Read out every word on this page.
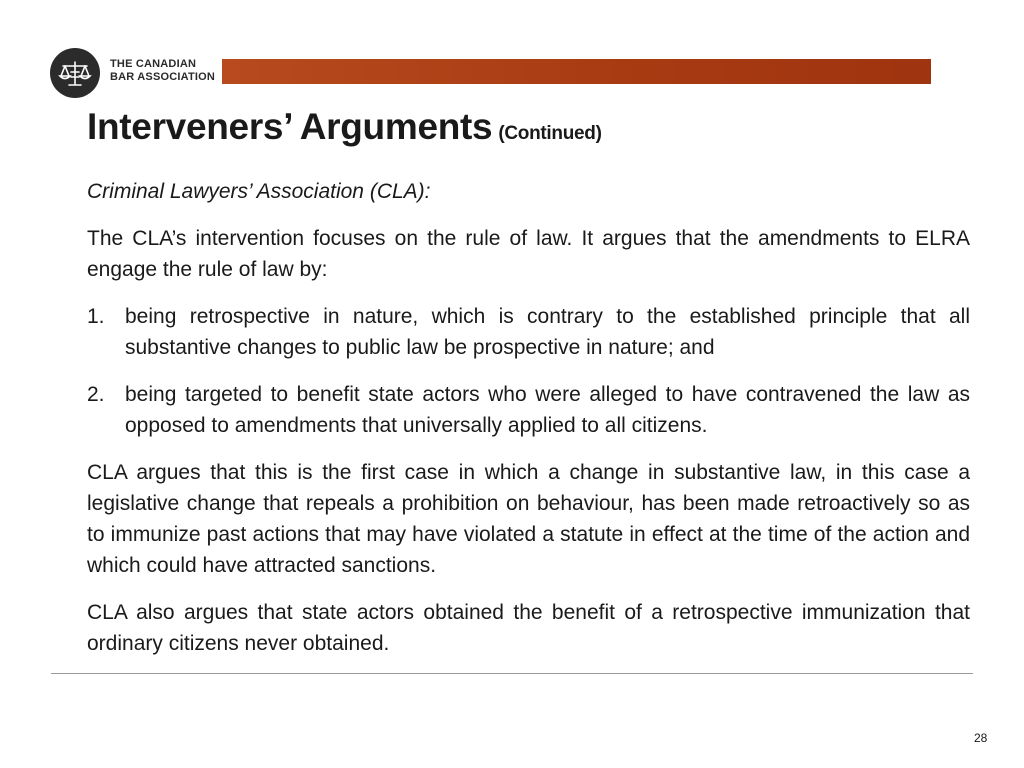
THE CANADIAN
BAR ASSOCIATION
Interveners’ Arguments (Continued)

Criminal Lawyers’ Association (CLA):

The CLA’s intervention focuses on the rule of law. It argues that the amendments to ELRA engage the rule of law by:

1. being retrospective in nature, which is contrary to the established principle that all substantive changes to public law be prospective in nature; and
2. being targeted to benefit state actors who were alleged to have contravened the law as opposed to amendments that universally applied to all citizens.

CLA argues that this is the first case in which a change in substantive law, in this case a legislative change that repeals a prohibition on behaviour, has been made retroactively so as to immunize past actions that may have violated a statute in effect at the time of the action and which could have attracted sanctions.

CLA also argues that state actors obtained the benefit of a retrospective immunization that ordinary citizens never obtained.

28
